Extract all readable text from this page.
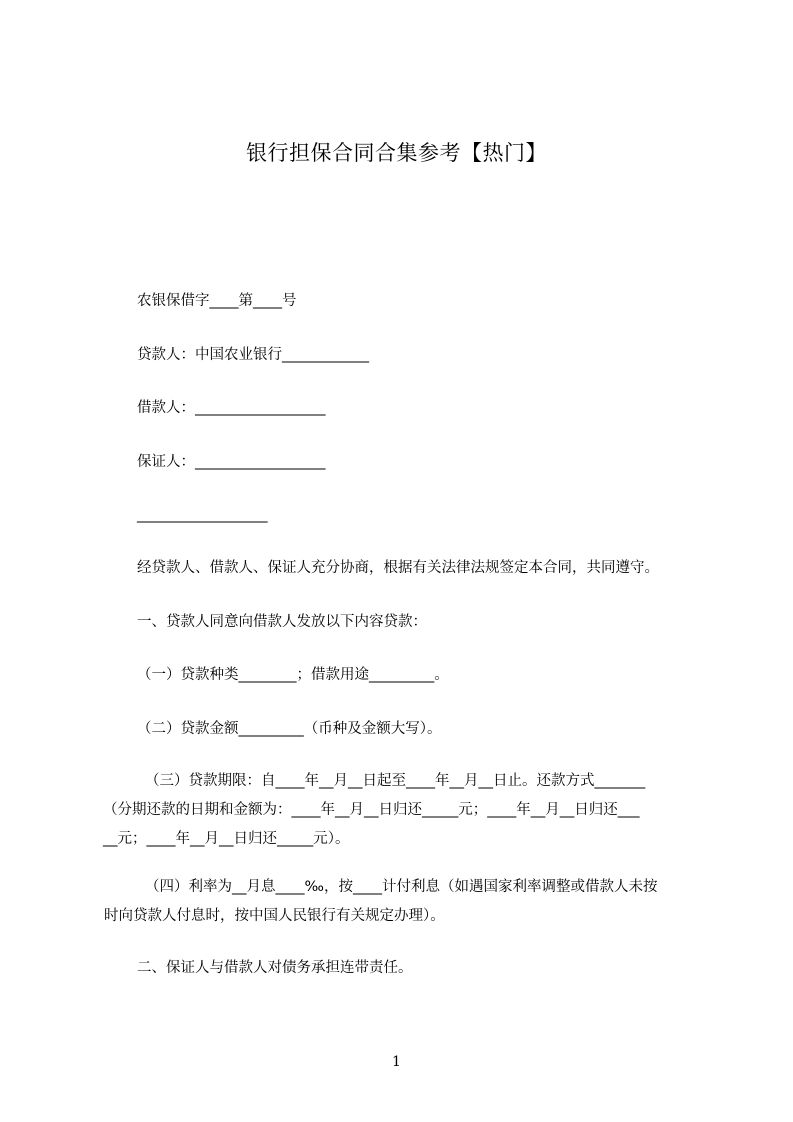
银行担保合同合集参考【热门】
农银保借字____第____号
贷款人：中国农业银行____________
借款人：__________________
保证人：__________________
__________________
经贷款人、借款人、保证人充分协商，根据有关法律法规签定本合同，共同遵守。
一、贷款人同意向借款人发放以下内容贷款：
（一）贷款种类________；借款用途_________。
（二）贷款金额_________（币种及金额大写）。

（三）贷款期限：自____年__月__日起至____年__月__日止。还款方式_______

（分期还款的日期和金额为：____年__月__日归还_____元；____年__月__日归还___

__元；____年__月__日归还_____元）。

（四）利率为__月息____‰，按____计付利息（如遇国家利率调整或借款人未按

时向贷款人付息时，按中国人民银行有关规定办理）。

二、保证人与借款人对债务承担连带责任。
1
